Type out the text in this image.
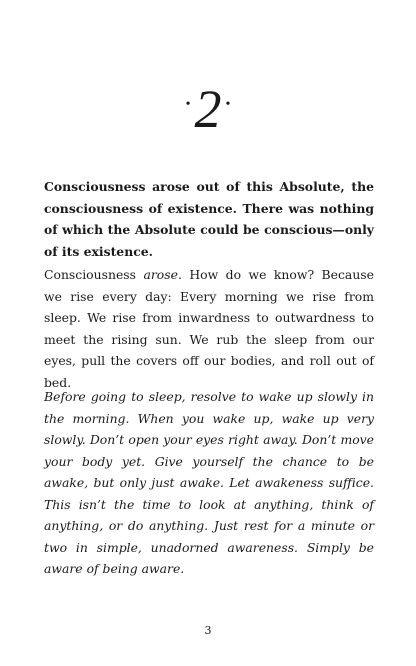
•2 •

Consciousness arose out of this Absolute, the consciousness of existence. There was nothing of which the Absolute could be conscious—only of its existence.

Consciousness arose. How do we know? Because we rise every day: Every morning we rise from sleep. We rise from inwardness to outwardness to meet the rising sun. We rub the sleep from our eyes, pull the covers off our bodies, and roll out of bed.

Before going to sleep, resolve to wake up slowly in the morning. When you wake up, wake up very slowly. Don’t open your eyes right away. Don’t move your body yet. Give yourself the chance to be awake, but only just awake. Let awakeness suffice. This isn’t the time to look at anything, think of anything, or do anything. Just rest for a minute or two in simple, unadorned awareness. Simply be aware of being aware.

3
